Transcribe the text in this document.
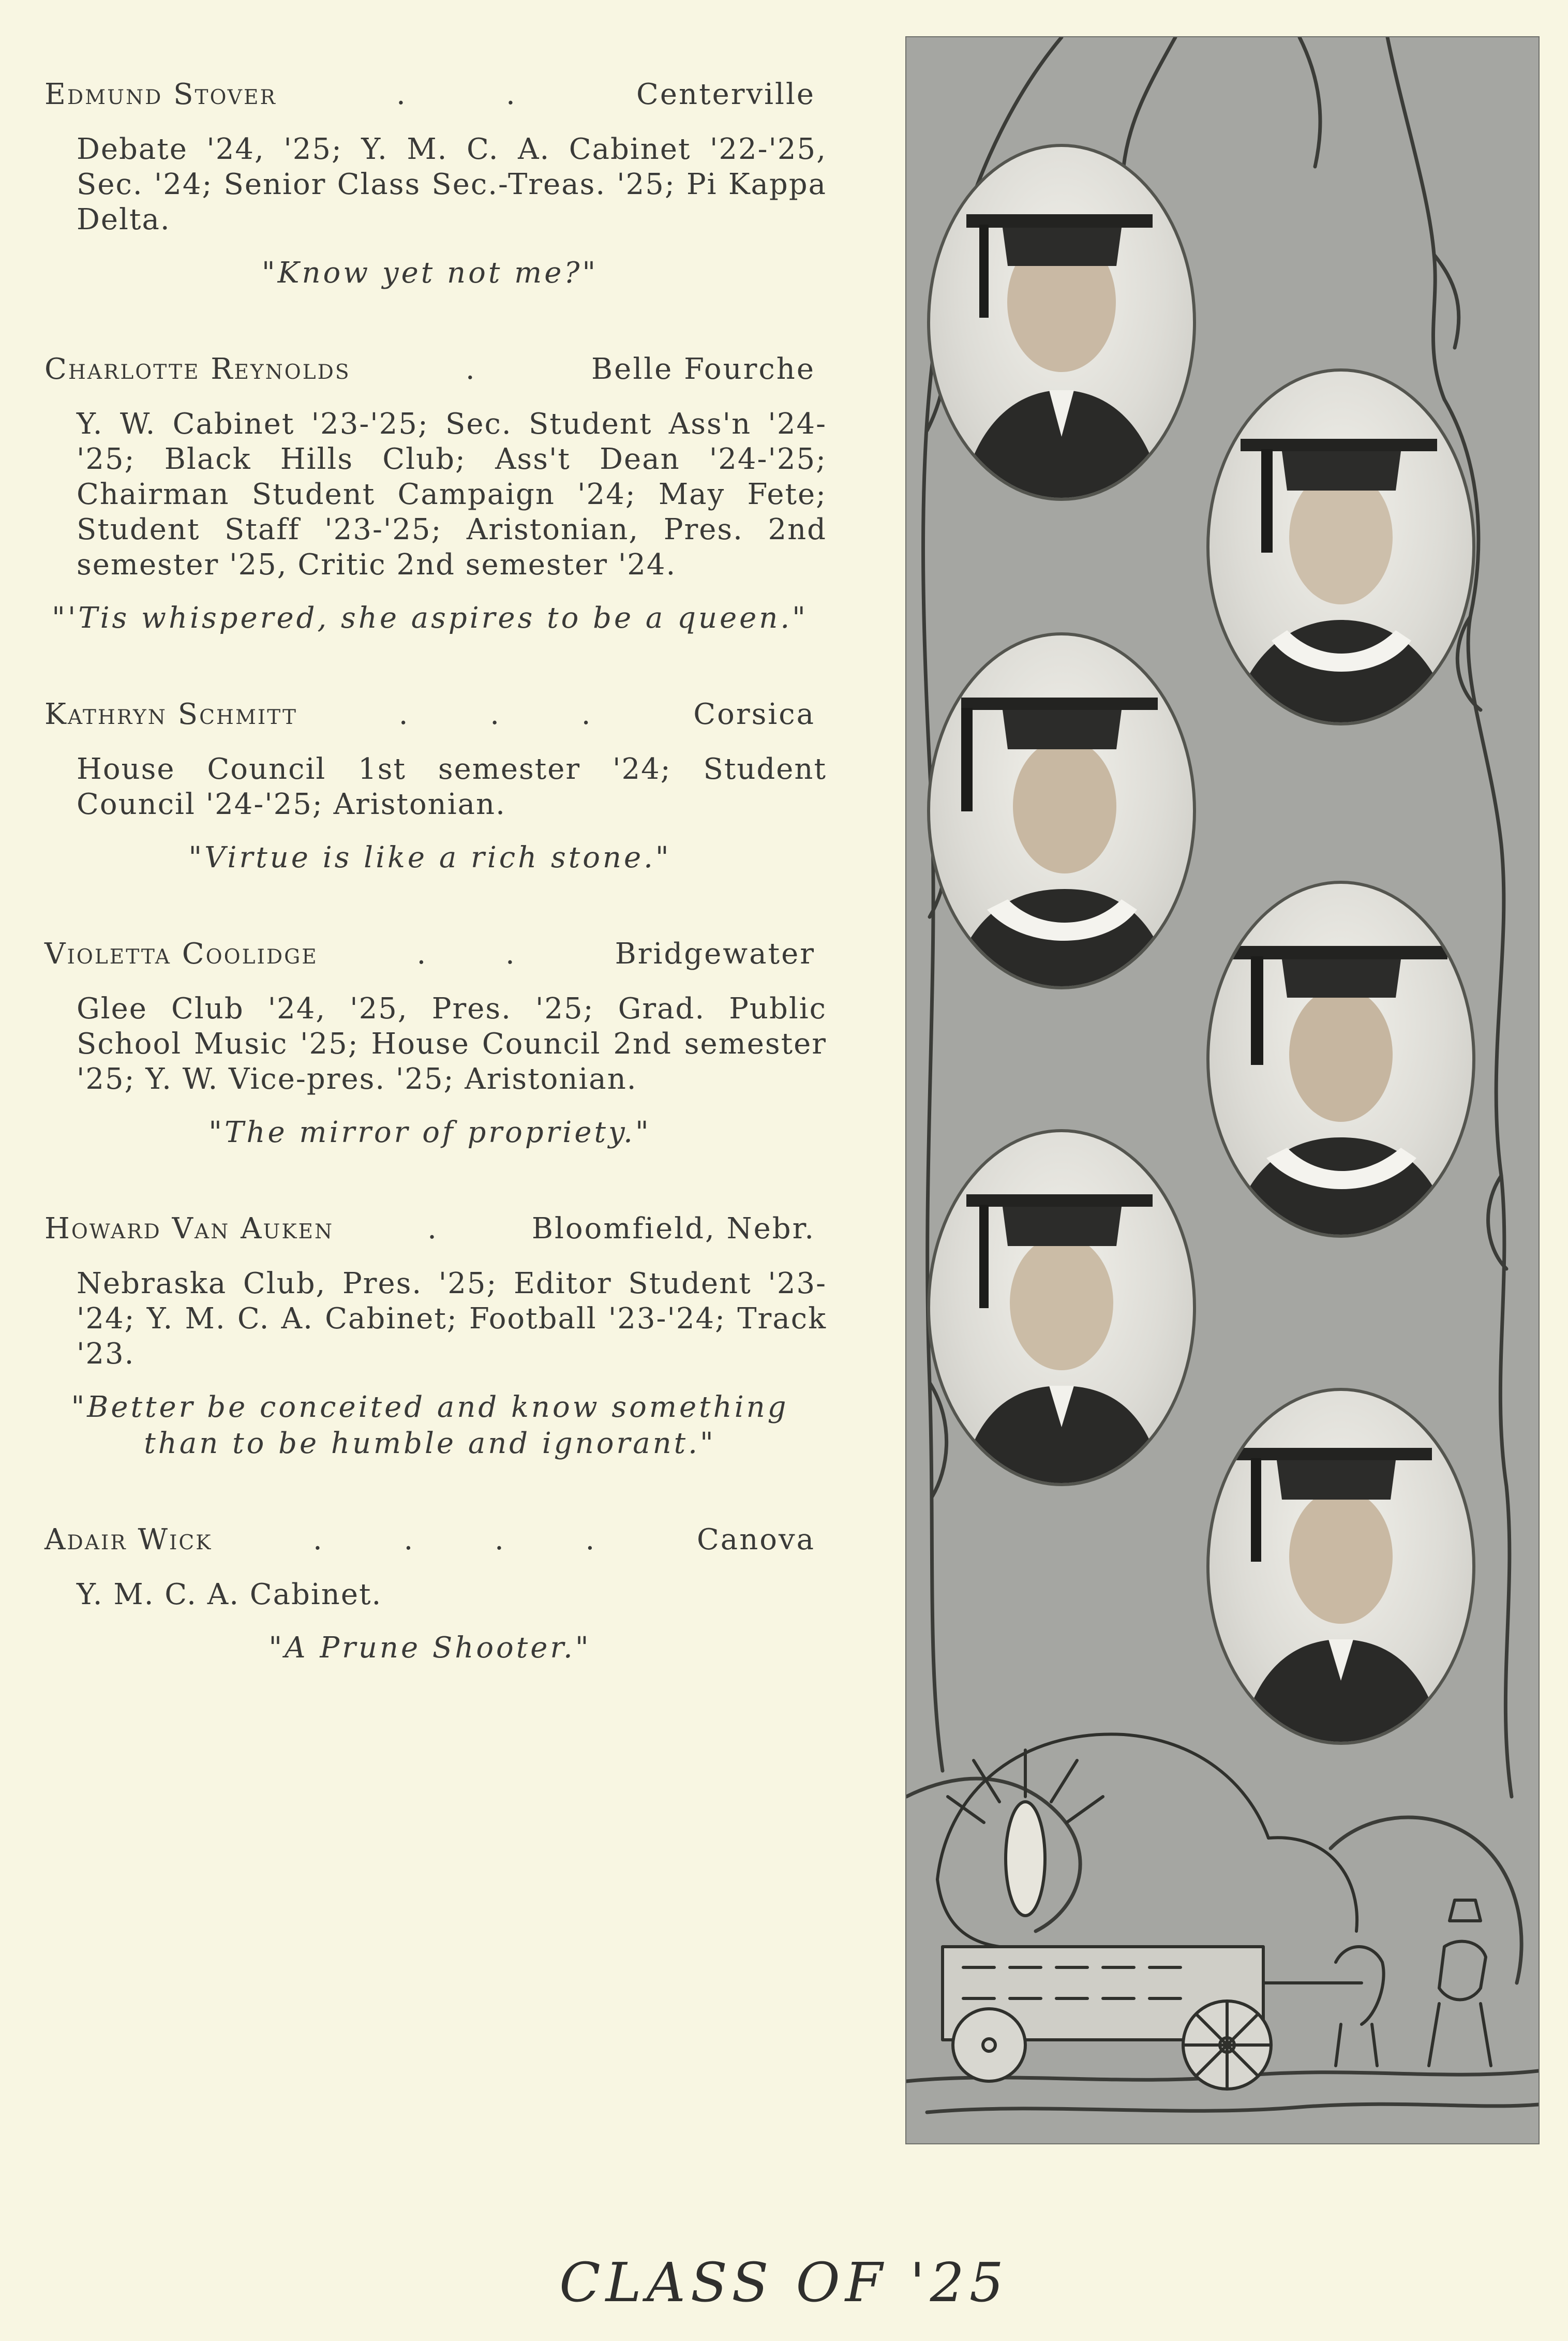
Edmund Stover	.	.	Centerville
Debate '24, '25; Y. M. C. A. Cabinet '22-'25, Sec. '24; Senior Class Sec.-Treas. '25; Pi Kappa Delta.
"Know yet not me?"
Charlotte Reynolds	.	Belle Fourche
Y. W. Cabinet '23-'25; Sec. Student Ass'n '24-'25; Black Hills Club; Ass't Dean '24-'25; Chairman Student Campaign '24; May Fete; Student Staff '23-'25; Aristonian, Pres. 2nd semester '25, Critic 2nd semester '24.
"'Tis whispered, she aspires to be a queen."
Kathryn Schmitt	.	.	.	Corsica
House Council 1st semester '24; Student Council '24-'25; Aristonian.
"Virtue is like a rich stone."
Violetta Coolidge	.	.	Bridgewater
Glee Club '24, '25, Pres. '25; Grad. Public School Music '25; House Council 2nd semester '25; Y. W. Vice-pres. '25; Aristonian.
"The mirror of propriety."
Howard Van Auken	.	Bloomfield, Nebr.
Nebraska Club, Pres. '25; Editor Student '23-'24; Y. M. C. A. Cabinet; Football '23-'24; Track '23.
"Better be conceited and know something than to be humble and ignorant."
Adair Wick	.	.	.	.	Canova
Y. M. C. A. Cabinet.
"A Prune Shooter."
CLASS OF '25
